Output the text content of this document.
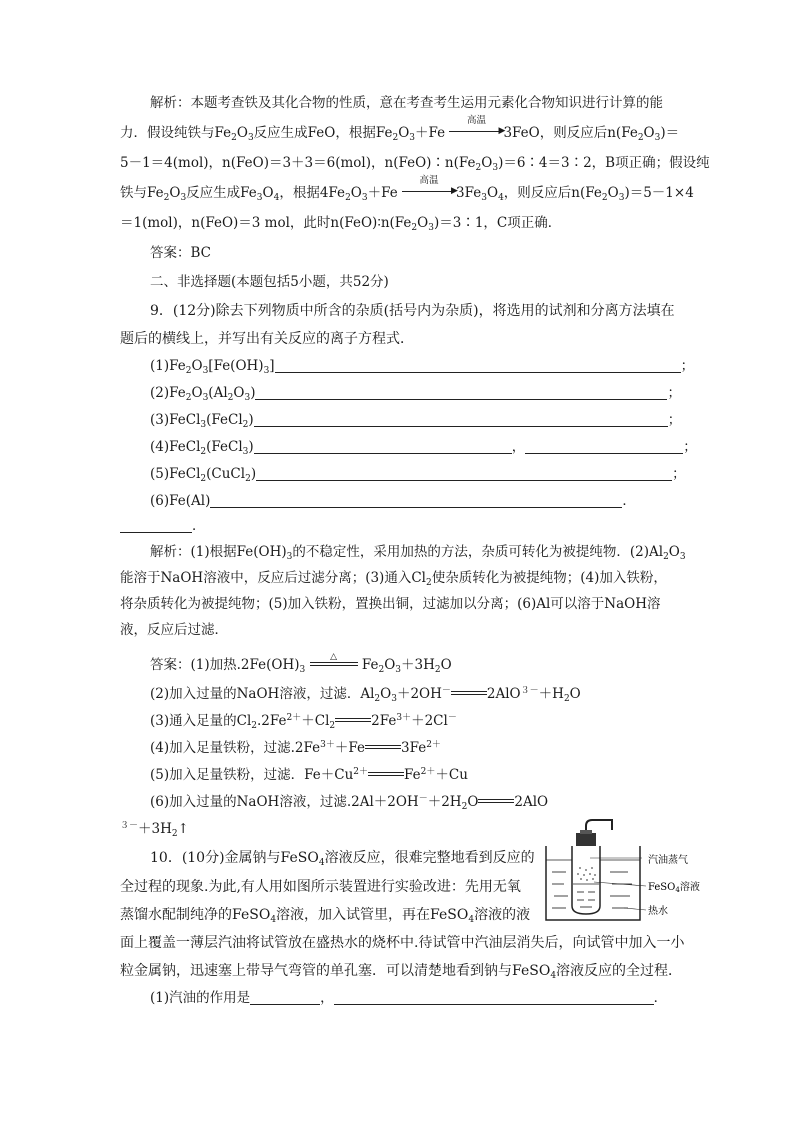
解析：本题考查铁及其化合物的性质，意在考查考生运用元素化合物知识进行计算的能
力．假设纯铁与$Fe_2O_3$反应生成FeO，根据$Fe_2O_3+Fe$
高温
▶
3FeO，则反应后$n(Fe_2O_3)=$
5－1＝4(mol)，n(FeO)＝3＋3＝6(mol)，$n(FeO)∶n(Fe_2O_3)=6∶4=3∶2$，B项正确；假设纯
铁与$Fe_2O_3$反应生成$Fe_3O_4$，根据$4Fe_2O_3+Fe$
高温
▶
$3Fe_3O_4$，则反应后$n(Fe_2O_3)=5-1\times 4$
＝1(mol)，n(FeO)＝3 mol，此时$n(FeO)∶n(Fe_2O_3)=3∶1$，C项正确．
答案：BC
二、非选择题(本题包括5小题，共52分)
9．(12分)除去下列物质中所含的杂质(括号内为杂质)，将选用的试剂和分离方法填在
题后的横线上，并写出有关反应的离子方程式．
$(1)Fe_2O_3[Fe(OH)_3]$	；
$(2)Fe_2O_3(Al_2O_3)$	；
(3)FeCl$_3$(FeCl$_2$)	；
(4)FeCl$_2$(FeCl$_3$)	，	；
(5)FeCl$_2$(CuCl$_2$)	；
(6)Fe(Al)	．
．
解析：(1)根据$Fe(OH)_3$的不稳定性，采用加热的方法，杂质可转化为被提纯物．$(2)Al_2O_3$
能溶于NaOH溶液中，反应后过滤分离；(3)通入$Cl_2$使杂质转化为被提纯物；(4)加入铁粉，
将杂质转化为被提纯物；(5)加入铁粉，置换出铜，过滤加以分离；(6)Al可以溶于NaOH溶
液，反应后过滤．
答案：(1)加热$.2Fe(OH)_3$
△	$Fe_2O_3+3H_2O$
(2)加入过量的NaOH溶液，过滤．$Al_2O_3+2OH^-$	$2AlO^{3-}+H_2O$
(3)通入足量的$Cl_2.2Fe^{2+}+Cl_2$	$2Fe^{3+}+2Cl^-$
(4)加入足量铁粉，过滤$.2Fe^{3+}+Fe$	$3Fe^{2+}$
(5)加入足量铁粉，过滤．$Fe+Cu^{2+}$	$Fe^{2+}+Cu$
(6)加入过量的NaOH溶液，过滤$.2Al+2OH^-+2H_2O$	2AlO
$^{3-}+3H_2↑$
10．(10分)金属钠与FeSO$_4$溶液反应，很难完整地看到反应的
全过程的现象.为此,有人用如图所示装置进行实验改进：先用无氧
蒸馏水配制纯净的FeSO$_4$溶液，加入试管里，再在FeSO$_4$溶液的液
面上覆盖一薄层汽油将试管放在盛热水的烧杯中.待试管中汽油层消失后，向试管中加入一小
粒金属钠，迅速塞上带导气弯管的单孔塞．可以清楚地看到钠与FeSO$_4$溶液反应的全过程．
(1)汽油的作用是	，	．
汽油蒸气
FeSO$_4$溶液
热水
